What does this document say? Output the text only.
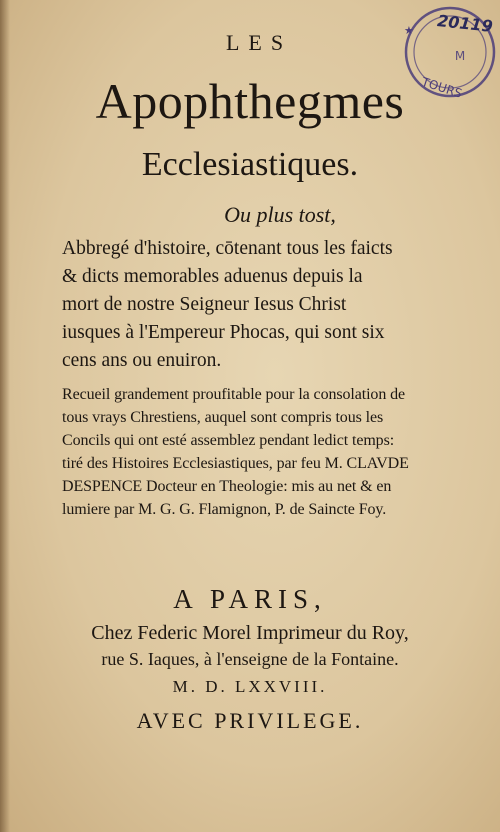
★
TOURS
20119
M
LES
Apophthegmes
Ecclesiastiques.
Ou plus tost,
Abbregé d'histoire, cōtenant tous les faicts
& dicts memorables aduenus depuis la
mort de nostre Seigneur Iesus Christ
iusques à l'Empereur Phocas, qui sont six
cens ans ou enuiron.
Recueil grandement proufitable pour la consolation de
tous vrays Chrestiens, auquel sont compris tous les
Concils qui ont esté assemblez pendant ledict temps:
tiré des Histoires Ecclesiastiques, par feu M. CLAVDE
DESPENCE Docteur en Theologie: mis au net & en
lumiere par M. G. G. Flamignon, P. de Saincte Foy.
A PARIS,
Chez Federic Morel Imprimeur du Roy,
rue S. Iaques, à l'enseigne de la Fontaine.
M. D. LXXVIII.
AVEC PRIVILEGE.
